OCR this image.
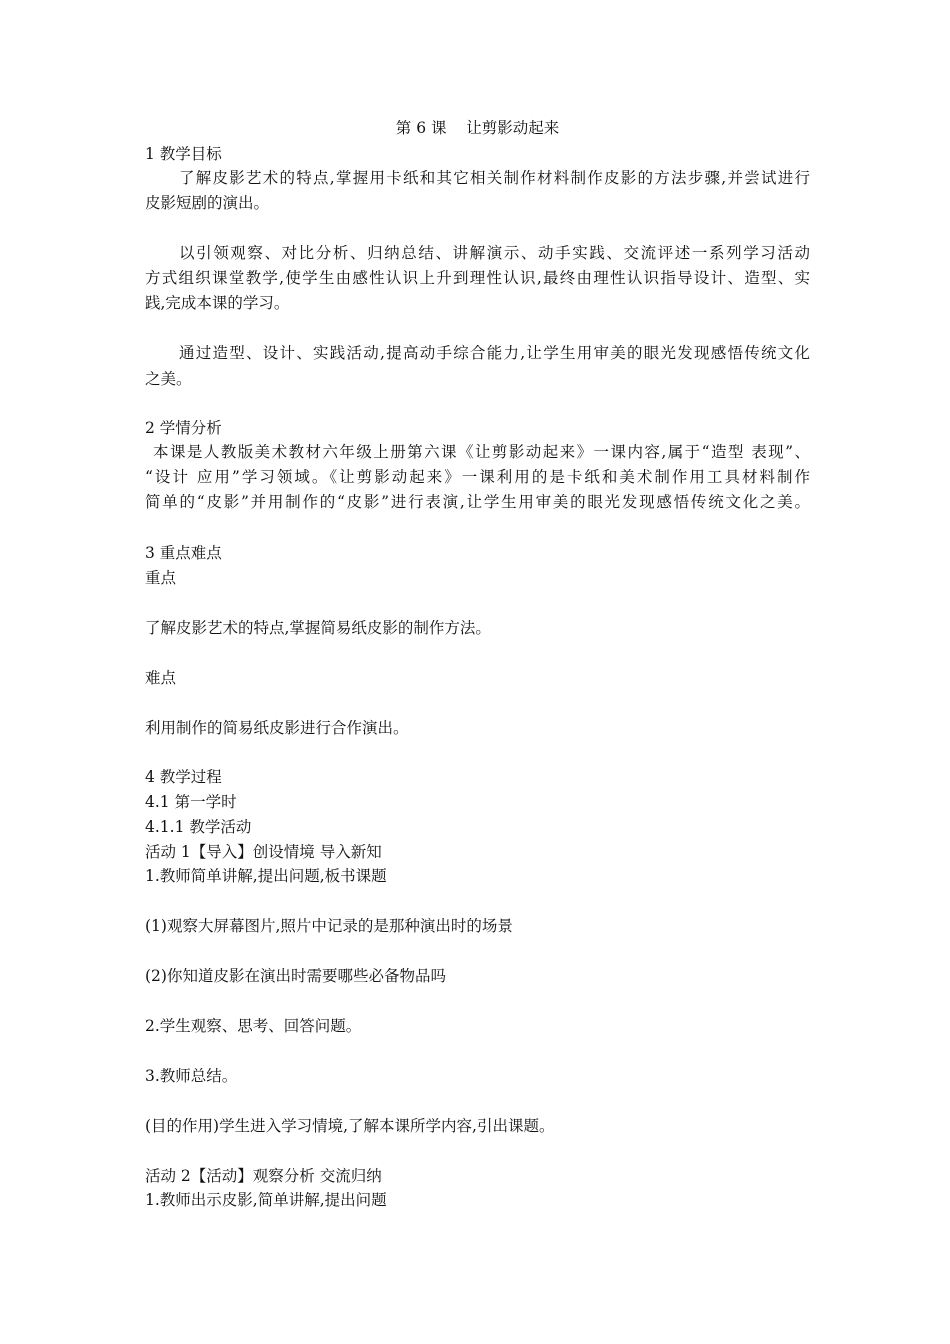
第 6 课    让剪影动起来
1 教学目标
了解皮影艺术的特点,掌握用卡纸和其它相关制作材料制作皮影的方法步骤,并尝试进行
皮影短剧的演出。
以引领观察、对比分析、归纳总结、讲解演示、动手实践、交流评述一系列学习活动
方式组织课堂教学,使学生由感性认识上升到理性认识,最终由理性认识指导设计、造型、实
践,完成本课的学习。
通过造型、设计、实践活动,提高动手综合能力,让学生用审美的眼光发现感悟传统文化
之美。
2 学情分析
本课是人教版美术教材六年级上册第六课《让剪影动起来》一课内容,属于“造型 表现”、
“设计 应用”学习领域。《让剪影动起来》一课利用的是卡纸和美术制作用工具材料制作
简单的“皮影”并用制作的“皮影”进行表演,让学生用审美的眼光发现感悟传统文化之美。
3 重点难点
重点
了解皮影艺术的特点,掌握简易纸皮影的制作方法。
难点
利用制作的简易纸皮影进行合作演出。
4 教学过程
4.1 第一学时
4.1.1 教学活动
活动 1【导入】创设情境 导入新知
1.教师简单讲解,提出问题,板书课题
(1)观察大屏幕图片,照片中记录的是那种演出时的场景
(2)你知道皮影在演出时需要哪些必备物品吗
2.学生观察、思考、回答问题。
3.教师总结。
(目的作用)学生进入学习情境,了解本课所学内容,引出课题。
活动 2【活动】观察分析 交流归纳
1.教师出示皮影,简单讲解,提出问题
